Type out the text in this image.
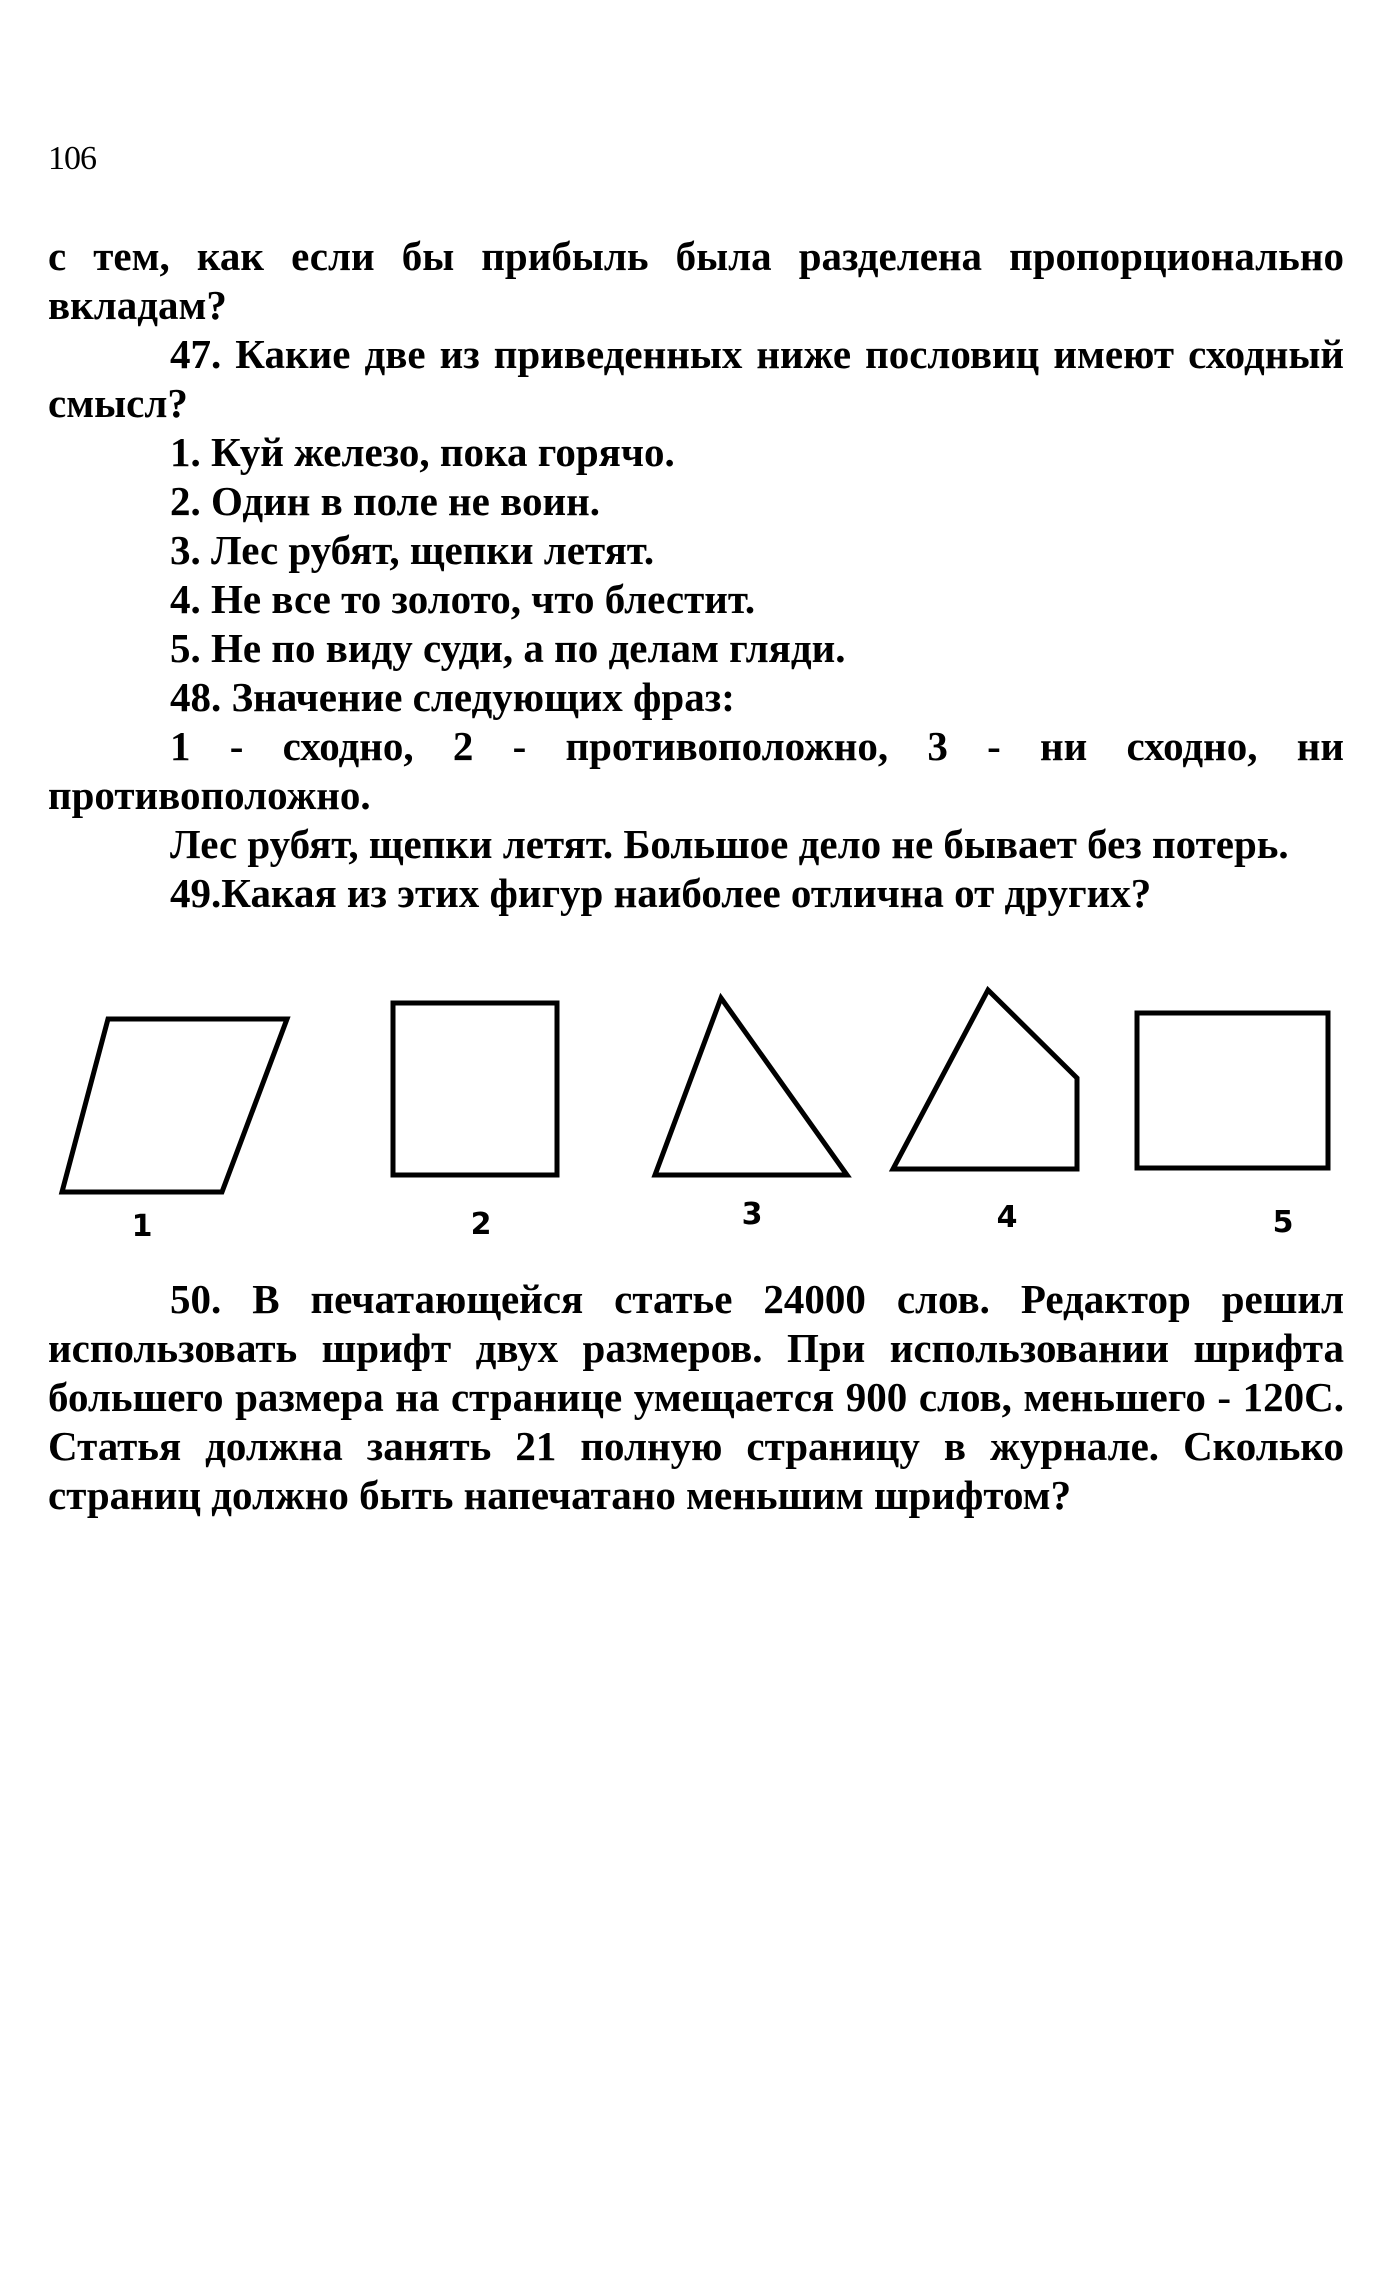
106

с тем, как если бы прибыль была разделена пропорционально вкладам?

47. Какие две из приведенных ниже пословиц имеют сходный смысл?

1. Куй железо, пока горячо.

2. Один в поле не воин.

3. Лес рубят, щепки летят.

4. Не все то золото, что блестит.

5. Не по виду суди, а по делам гляди.

48. Значение следующих фраз:

1 - сходно, 2 - противоположно, 3 - ни сходно, ни противоположно.

Лес рубят, щепки летят. Большое дело не бывает без потерь.

49.Какая из этих фигур наиболее отлична от других?

1	2	3	4	5

50. В печатающейся статье 24000 слов. Редактор решил использовать шрифт двух размеров. При использовании шрифта большего размера на странице умещается 900 слов, меньшего - 120С. Статья должна занять 21 полную страницу в журнале. Сколько страниц должно быть напечатано меньшим шрифтом?
